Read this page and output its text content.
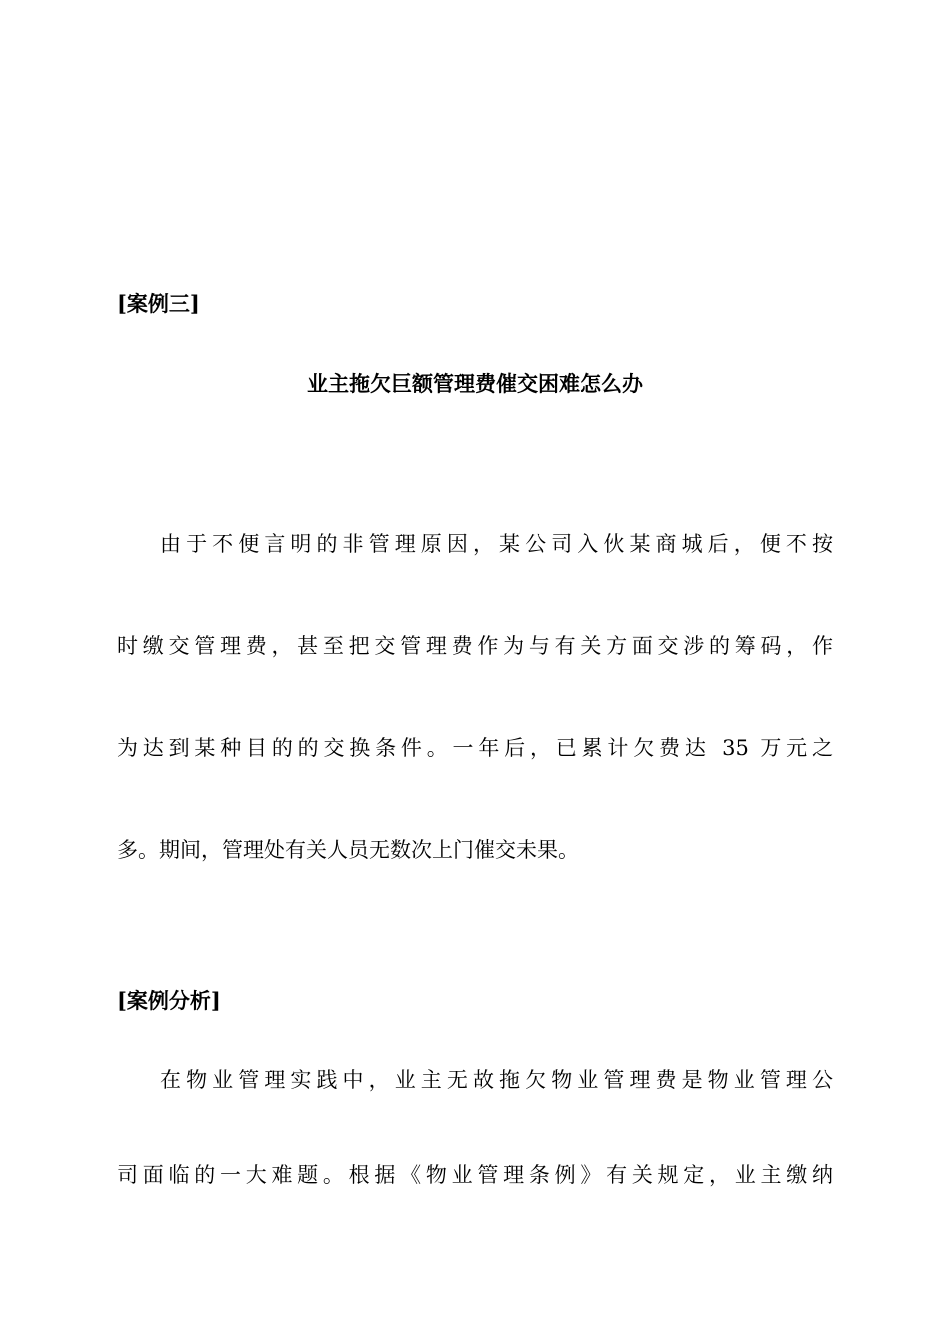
[案例三]
业主拖欠巨额管理费催交困难怎么办
由于不便言明的非管理原因，某公司入伙某商城后，便不按
时缴交管理费，甚至把交管理费作为与有关方面交涉的筹码，作
为达到某种目的的交换条件。一年后，已累计欠费达 35 万元之
多。期间，管理处有关人员无数次上门催交未果。
[案例分析]
在物业管理实践中，业主无故拖欠物业管理费是物业管理公
司面临的一大难题。根据《物业管理条例》有关规定，业主缴纳
